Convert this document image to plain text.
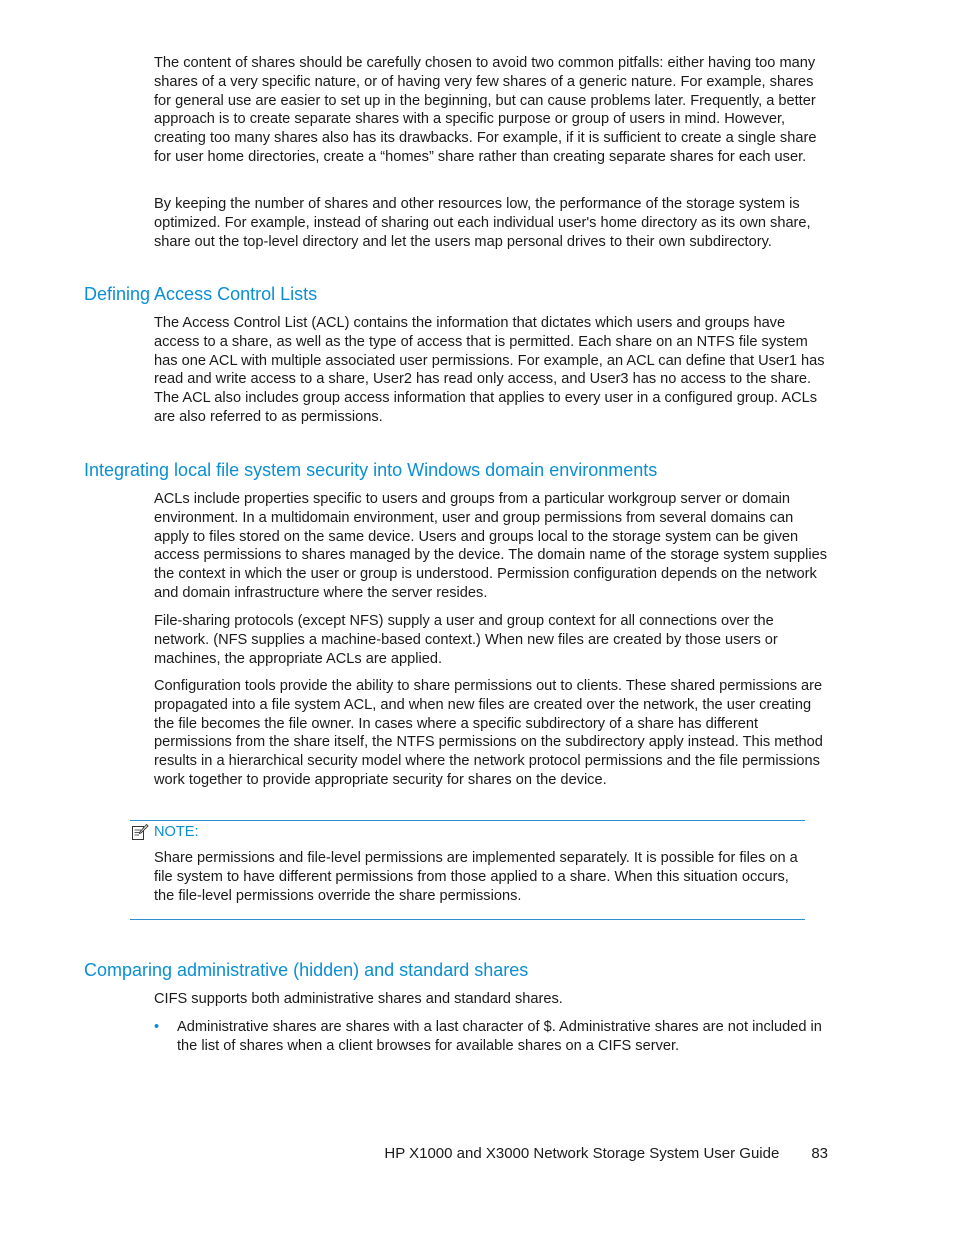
The content of shares should be carefully chosen to avoid two common pitfalls: either having too many shares of a very specific nature, or of having very few shares of a generic nature. For example, shares for general use are easier to set up in the beginning, but can cause problems later. Frequently, a better approach is to create separate shares with a specific purpose or group of users in mind. However, creating too many shares also has its drawbacks. For example, if it is sufficient to create a single share for user home directories, create a “homes” share rather than creating separate shares for each user.

By keeping the number of shares and other resources low, the performance of the storage system is optimized. For example, instead of sharing out each individual user's home directory as its own share, share out the top-level directory and let the users map personal drives to their own subdirectory.

Defining Access Control Lists

The Access Control List (ACL) contains the information that dictates which users and groups have access to a share, as well as the type of access that is permitted. Each share on an NTFS file system has one ACL with multiple associated user permissions. For example, an ACL can define that User1 has read and write access to a share, User2 has read only access, and User3 has no access to the share. The ACL also includes group access information that applies to every user in a configured group. ACLs are also referred to as permissions.

Integrating local file system security into Windows domain environments

ACLs include properties specific to users and groups from a particular workgroup server or domain environment. In a multidomain environment, user and group permissions from several domains can apply to files stored on the same device. Users and groups local to the storage system can be given access permissions to shares managed by the device. The domain name of the storage system supplies the context in which the user or group is understood. Permission configuration depends on the network and domain infrastructure where the server resides.

File-sharing protocols (except NFS) supply a user and group context for all connections over the network. (NFS supplies a machine-based context.) When new files are created by those users or machines, the appropriate ACLs are applied.

Configuration tools provide the ability to share permissions out to clients. These shared permissions are propagated into a file system ACL, and when new files are created over the network, the user creating the file becomes the file owner. In cases where a specific subdirectory of a share has different permissions from the share itself, the NTFS permissions on the subdirectory apply instead. This method results in a hierarchical security model where the network protocol permissions and the file permissions work together to provide appropriate security for shares on the device.

NOTE:

Share permissions and file-level permissions are implemented separately. It is possible for files on a file system to have different permissions from those applied to a share. When this situation occurs, the file-level permissions override the share permissions.

Comparing administrative (hidden) and standard shares

CIFS supports both administrative shares and standard shares.

•	Administrative shares are shares with a last character of $. Administrative shares are not included in the list of shares when a client browses for available shares on a CIFS server.

HP X1000 and X3000 Network Storage System User Guide 83
